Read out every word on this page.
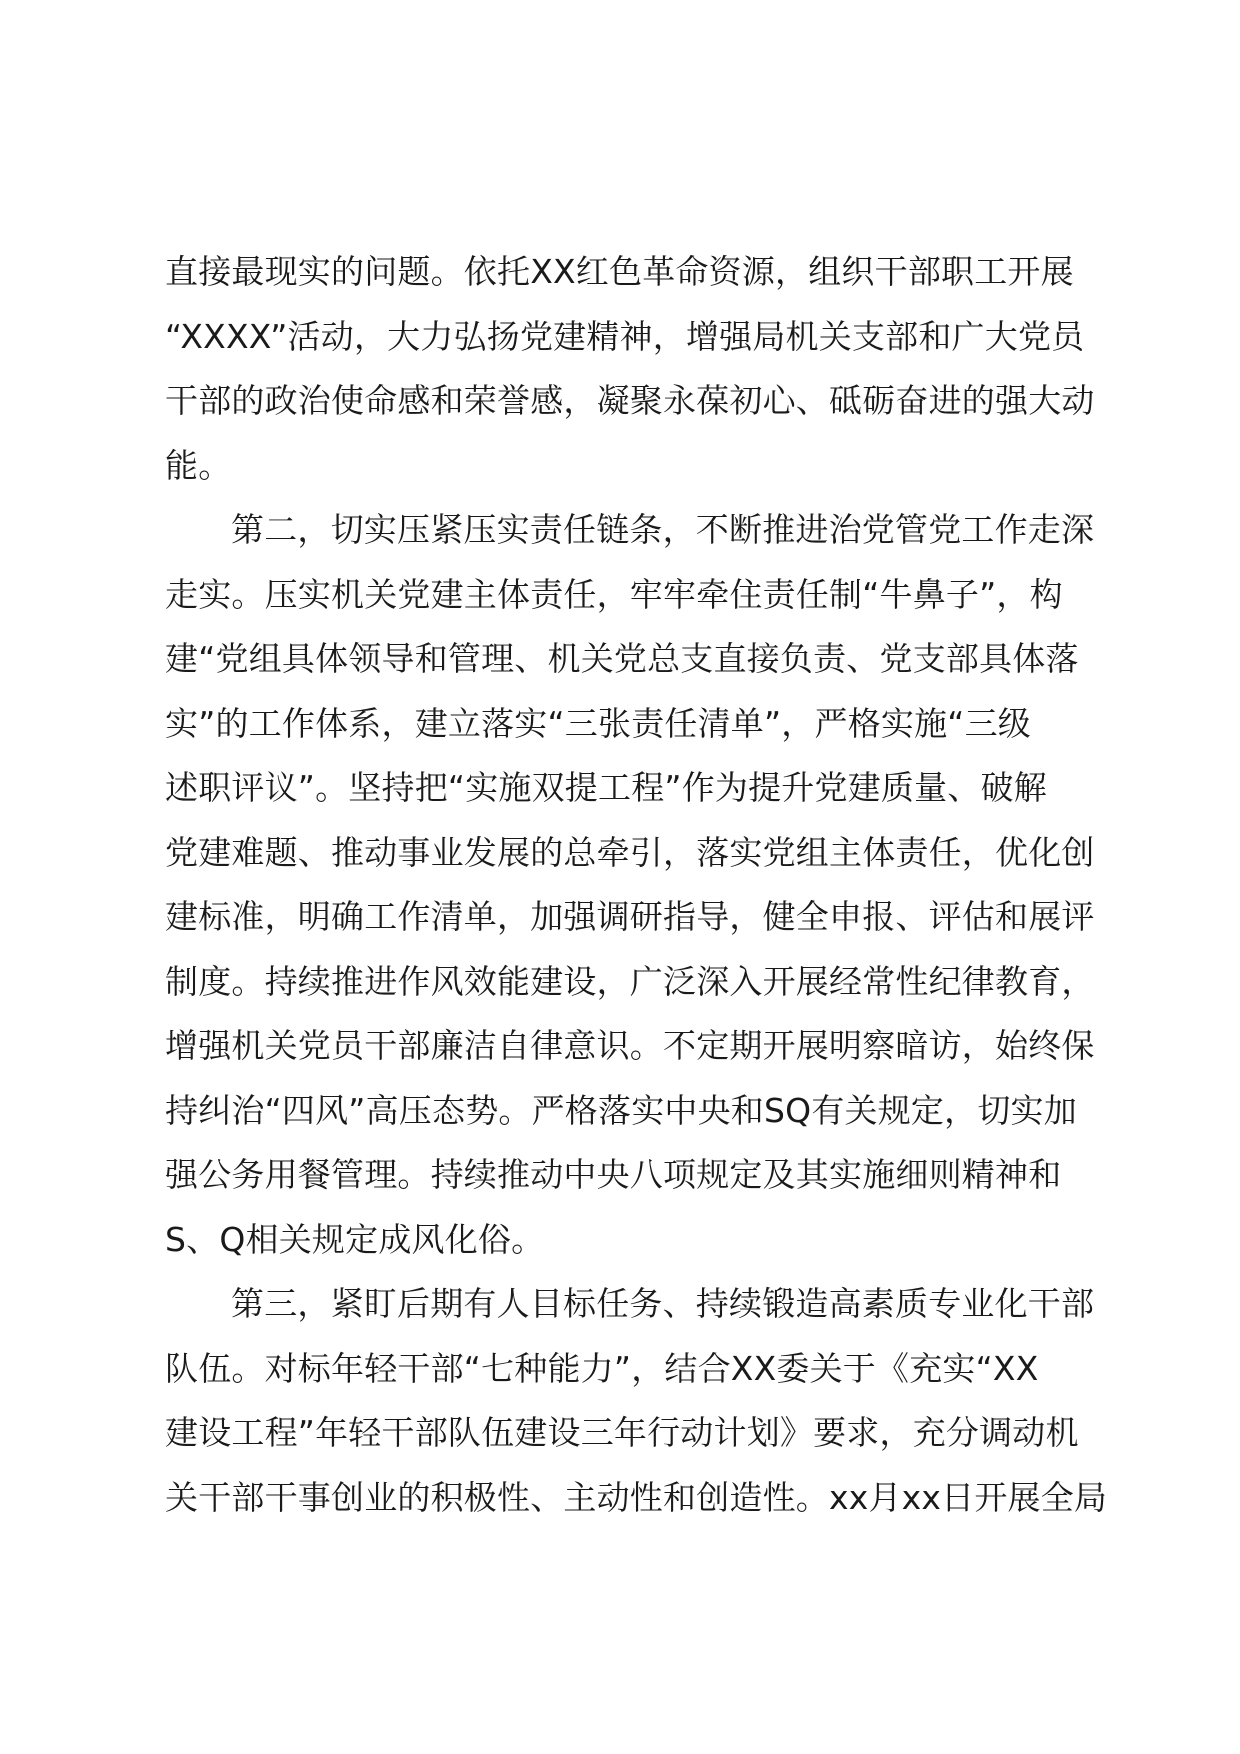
直接最现实的问题。依托XX红色革命资源，组织干部职工开展
“XXXX”活动，大力弘扬党建精神，增强局机关支部和广大党员
干部的政治使命感和荣誉感，凝聚永葆初心、砥砺奋进的强大动
能。
第二，切实压紧压实责任链条，不断推进治党管党工作走深
走实。压实机关党建主体责任，牢牢牵住责任制“牛鼻子”，构
建“党组具体领导和管理、机关党总支直接负责、党支部具体落
实”的工作体系，建立落实“三张责任清单”，严格实施“三级
述职评议”。坚持把“实施双提工程”作为提升党建质量、破解
党建难题、推动事业发展的总牵引，落实党组主体责任，优化创
建标准，明确工作清单，加强调研指导，健全申报、评估和展评
制度。持续推进作风效能建设，广泛深入开展经常性纪律教育，
增强机关党员干部廉洁自律意识。不定期开展明察暗访，始终保
持纠治“四风”高压态势。严格落实中央和SQ有关规定，切实加
强公务用餐管理。持续推动中央八项规定及其实施细则精神和
S、Q相关规定成风化俗。
第三，紧盯后期有人目标任务、持续锻造高素质专业化干部
队伍。对标年轻干部“七种能力”，结合XX委关于《充实“XX
建设工程”年轻干部队伍建设三年行动计划》要求，充分调动机
关干部干事创业的积极性、主动性和创造性。xx月xx日开展全局
